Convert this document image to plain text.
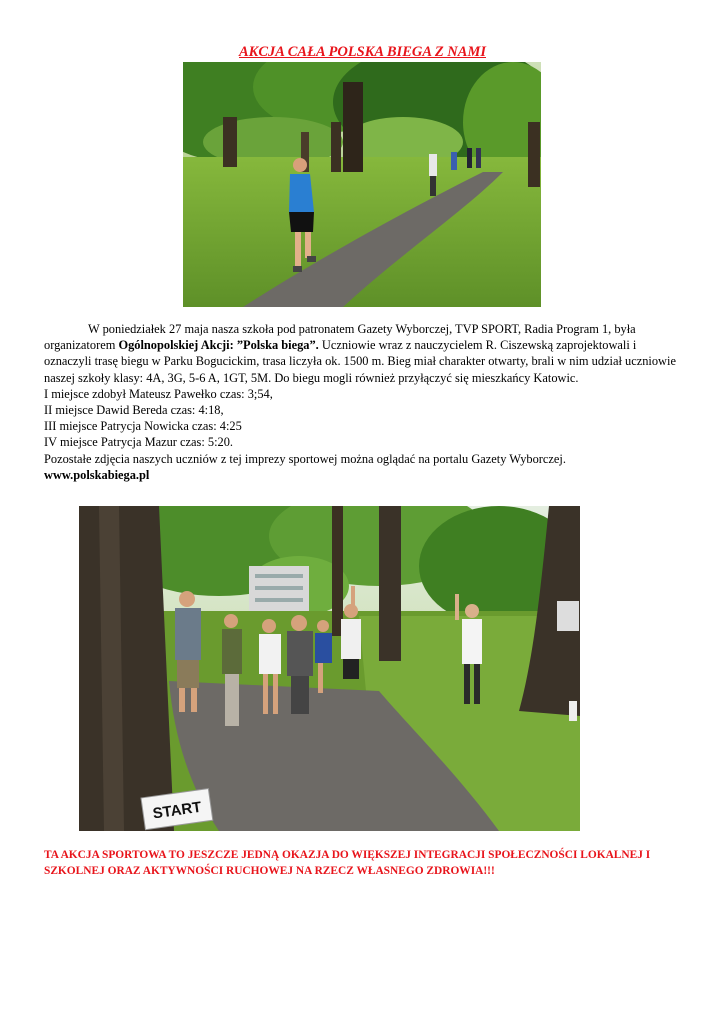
AKCJA CAŁA POLSKA BIEGA Z NAMI

W poniedziałek 27 maja nasza szkoła pod patronatem Gazety Wyborczej, TVP SPORT, Radia Program 1, była organizatorem Ogólnopolskiej Akcji: ”Polska biega”. Uczniowie wraz z nauczycielem R. Ciszewską zaprojektowali i oznaczyli trasę biegu w Parku Bogucickim, trasa liczyła ok. 1500 m. Bieg miał charakter otwarty, brali w nim udział uczniowie naszej szkoły klasy: 4A, 3G, 5-6 A, 1GT, 5M. Do biegu mogli również przyłączyć się mieszkańcy Katowic.

I miejsce zdobył Mateusz Pawełko czas: 3;54,

II miejsce Dawid Bereda czas: 4:18,

III miejsce Patrycja Nowicka czas: 4:25

IV miejsce Patrycja Mazur czas: 5:20.

Pozostałe zdjęcia naszych uczniów z tej imprezy sportowej można oglądać na portalu Gazety Wyborczej.

www.polskabiega.pl

START
TA AKCJA SPORTOWA TO JESZCZE JEDNĄ OKAZJA DO WIĘKSZEJ INTEGRACJI SPOŁECZNOŚCI LOKALNEJ I SZKOLNEJ ORAZ AKTYWNOŚCI RUCHOWEJ NA RZECZ WŁASNEGO ZDROWIA!!!
